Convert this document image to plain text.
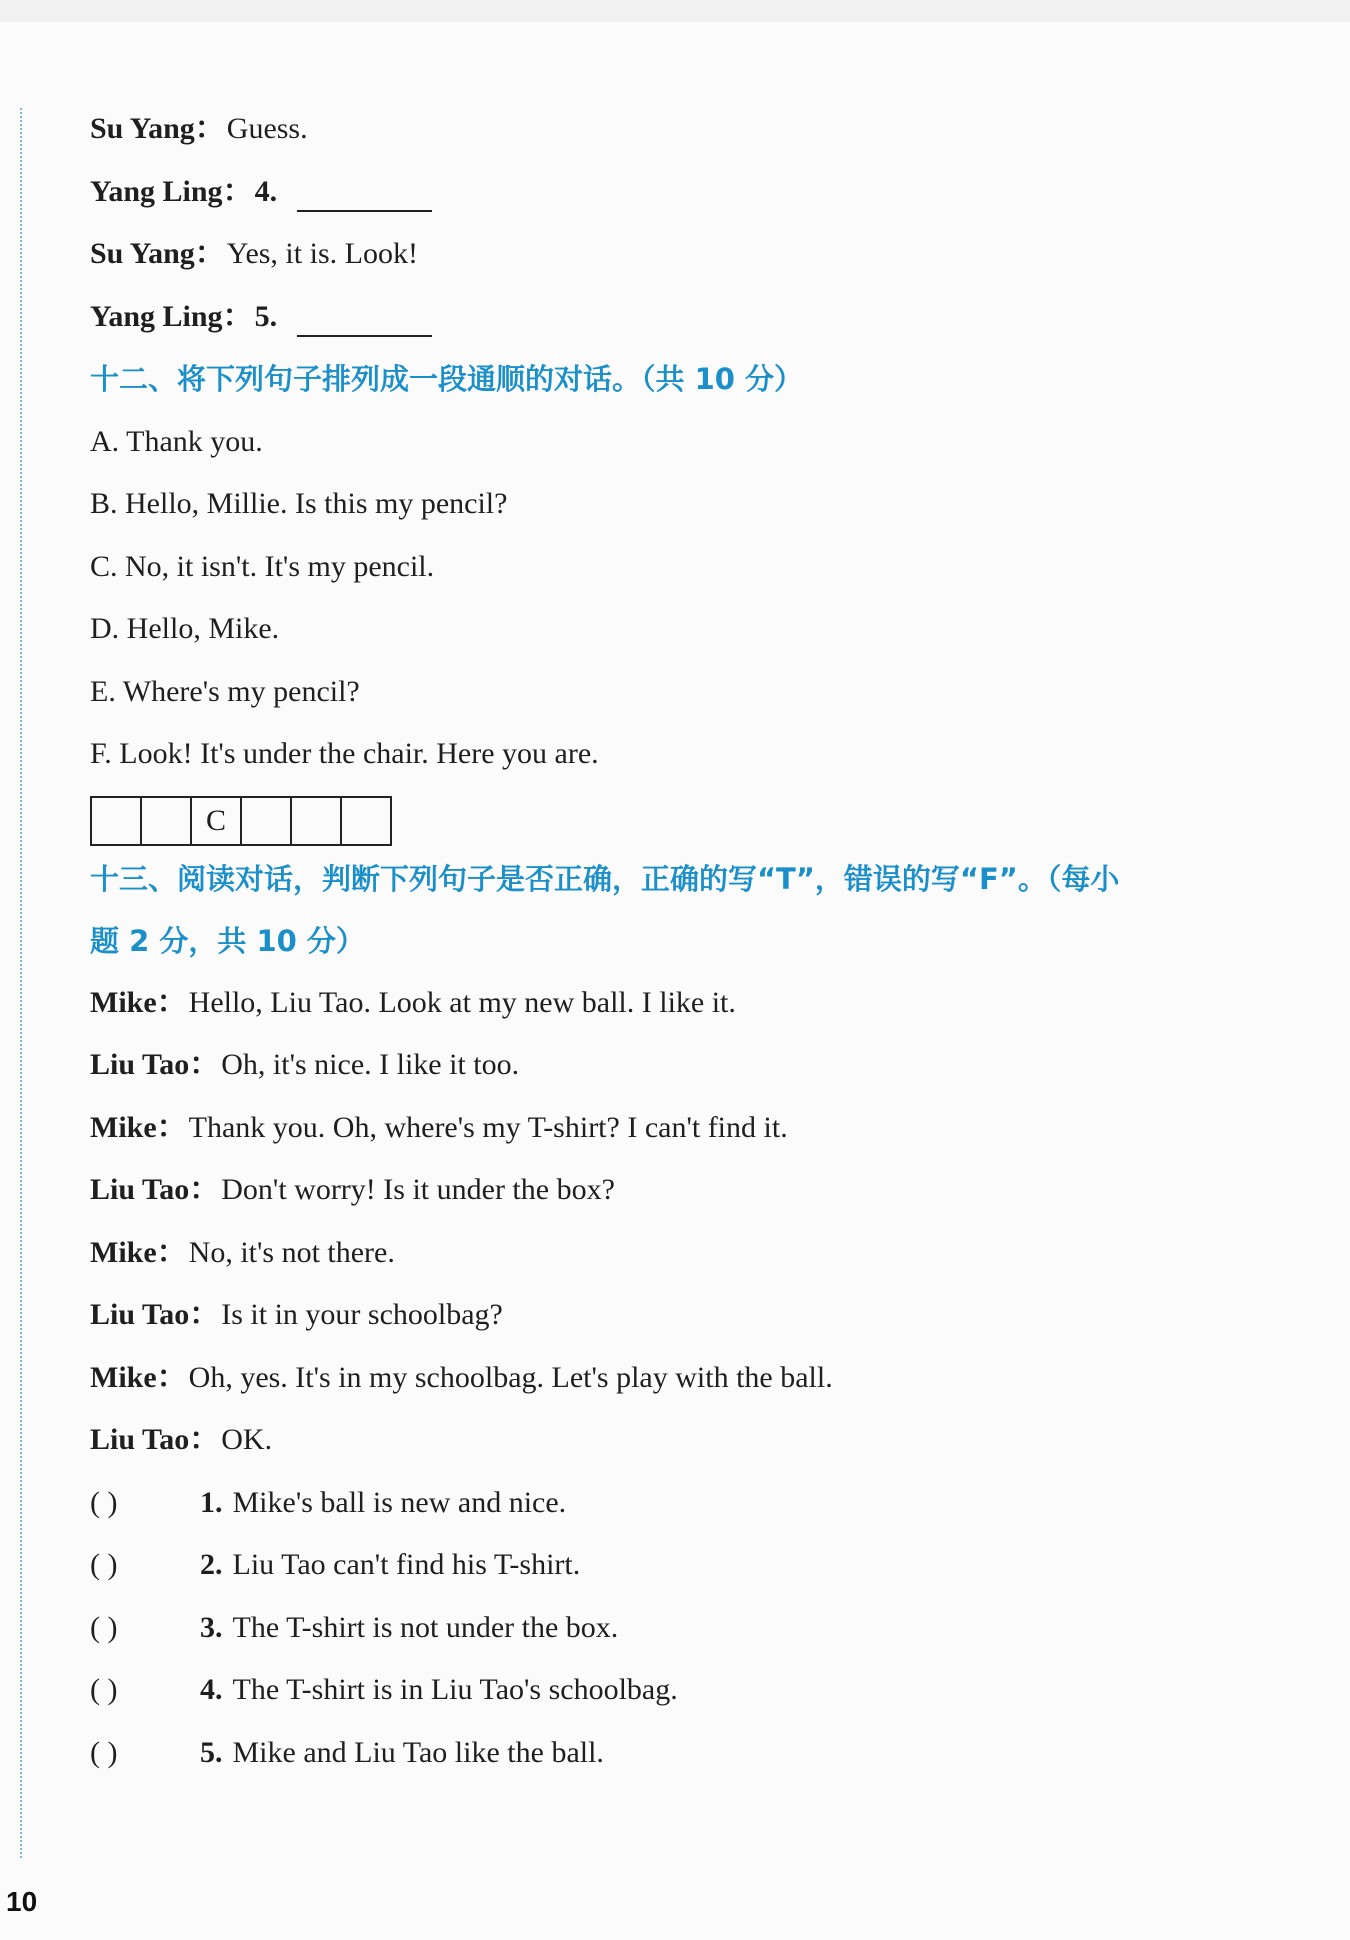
Su Yang：Guess.
Yang Ling：4.
Su Yang：Yes, it is. Look!
Yang Ling：5.
十二、将下列句子排列成一段通顺的对话。（共 10 分）
A. Thank you.
B. Hello, Millie. Is this my pencil?
C. No, it isn't. It's my pencil.
D. Hello, Mike.
E. Where's my pencil?
F. Look! It's under the chair. Here you are.
C
十三、阅读对话，判断下列句子是否正确，正确的写“T”，错误的写“F”。（每小
题 2 分，共 10 分）
Mike：Hello, Liu Tao. Look at my new ball. I like it.
Liu Tao：Oh, it's nice. I like it too.
Mike：Thank you. Oh, where's my T-shirt? I can't find it.
Liu Tao：Don't worry! Is it under the box?
Mike：No, it's not there.
Liu Tao：Is it in your schoolbag?
Mike：Oh, yes. It's in my schoolbag. Let's play with the ball.
Liu Tao：OK.
( )	1. Mike's ball is new and nice.
( )	2. Liu Tao can't find his T-shirt.
( )	3. The T-shirt is not under the box.
( )	4. The T-shirt is in Liu Tao's schoolbag.
( )	5. Mike and Liu Tao like the ball.
10
